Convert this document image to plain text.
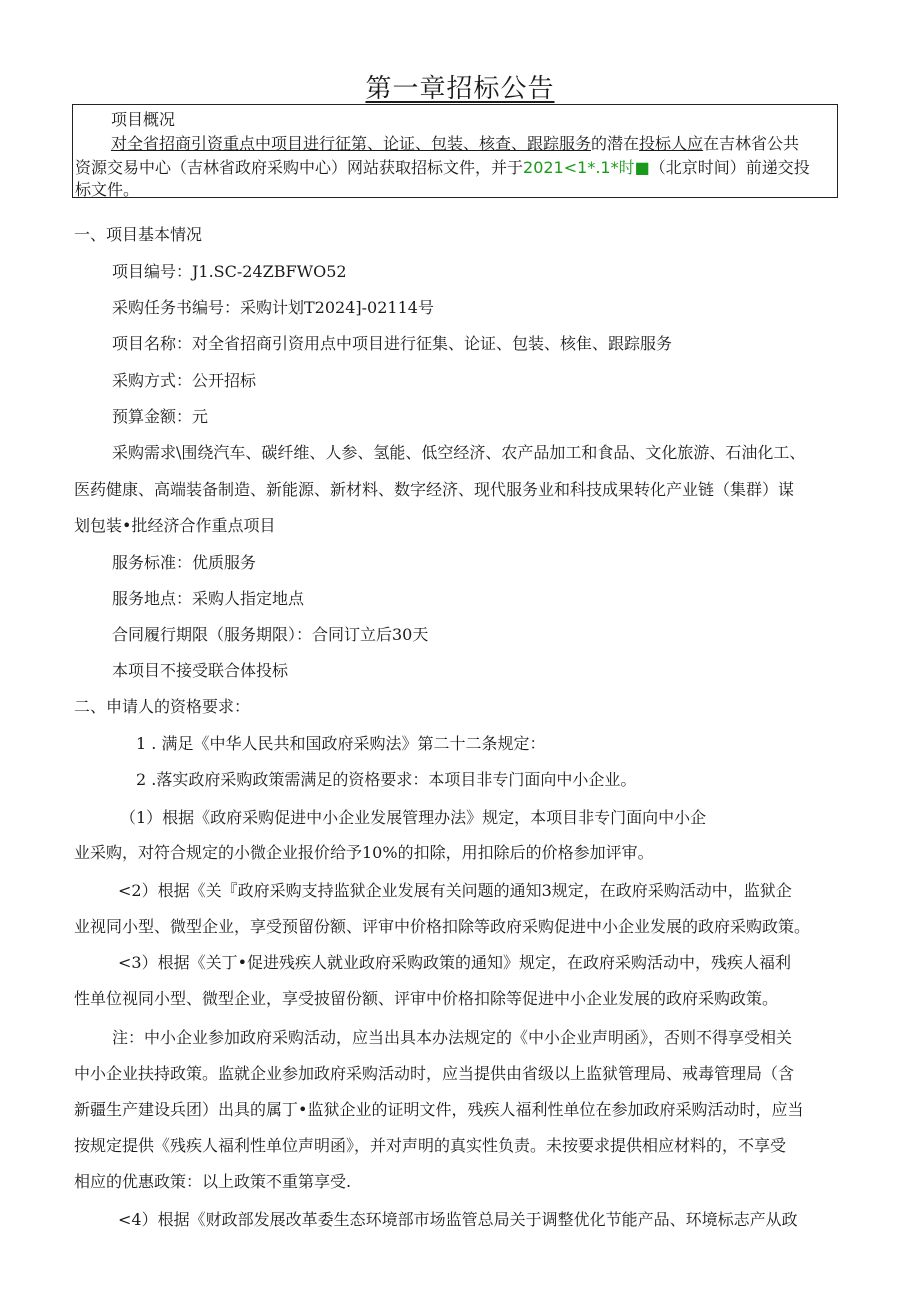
第一章招标公告
项目概况
对全省招商引资重点中项目进行征第、论证、包装、核查、跟踪服务的潜在投标人应在吉林省公共
资源交易中心（吉林省政府采购中心）网站获取招标文件，并于2021<1*.1*时■（北京时间）前递交投
标文件。
一、项目基本情况
项目编号：J1.SC-24ZBFWO52
采购任务书编号：采购计划T2024]-02114号
项目名称：对全省招商引资用点中项目进行征集、论证、包装、核隹、跟踪服务
采购方式：公开招标
预算金额：元
采购需求\围绕汽车、碳纤维、人参、氢能、低空经济、农产品加工和食品、文化旅游、石油化工、
医药健康、高端装备制造、新能源、新材料、数字经济、现代服务业和科技成果转化产业链（集群）谋
划包装•批经济合作重点项目
服务标准：优质服务
服务地点：采购人指定地点
合同履行期限（服务期限）：合同订立后30天
本项目不接受联合体投标
二、申请人的资格要求：
1 . 满足《中华人民共和国政府采购法》第二十二条规定：
2 .落实政府采购政策需满足的资格要求：本项目非专门面向中小企业。
（1）根据《政府采购促进中小企业发展管理办法》规定，本项目非专门面向中小企
业采购，对符合规定的小微企业报价给予10%的扣除，用扣除后的价格参加评审。
<2）根据《关『政府采购支持监狱企业发展有关问题的通知3规定，在政府采购活动中，监狱企
业视同小型、微型企业，享受预留份额、评审中价格扣除等政府采购促进中小企业发展的政府采购政策。
<3）根据《关丁•促进残疾人就业政府采购政策的通知》规定，在政府采购活动中，残疾人福利
性单位视同小型、微型企业，享受披留份额、评审中价格扣除等促进中小企业发展的政府采购政策。
注：中小企业参加政府采购活动，应当出具本办法规定的《中小企业声明函》，否则不得享受相关
中小企业扶持政策。监就企业参加政府采购活动时，应当提供由省级以上监狱管理局、戒毒管理局（含
新疆生产建设兵团）出具的属丁•监狱企业的证明文件，残疾人福利性单位在参加政府采购活动时，应当
按规定提供《残疾人福利性单位声明函》，并对声明的真实性负责。未按要求提供相应材料的，不享受
相应的优惠政策：以上政策不重第享受.
<4）根据《财政部发展改革委生态环境部市场监管总局关于调整优化节能产品、环境标志产从政
